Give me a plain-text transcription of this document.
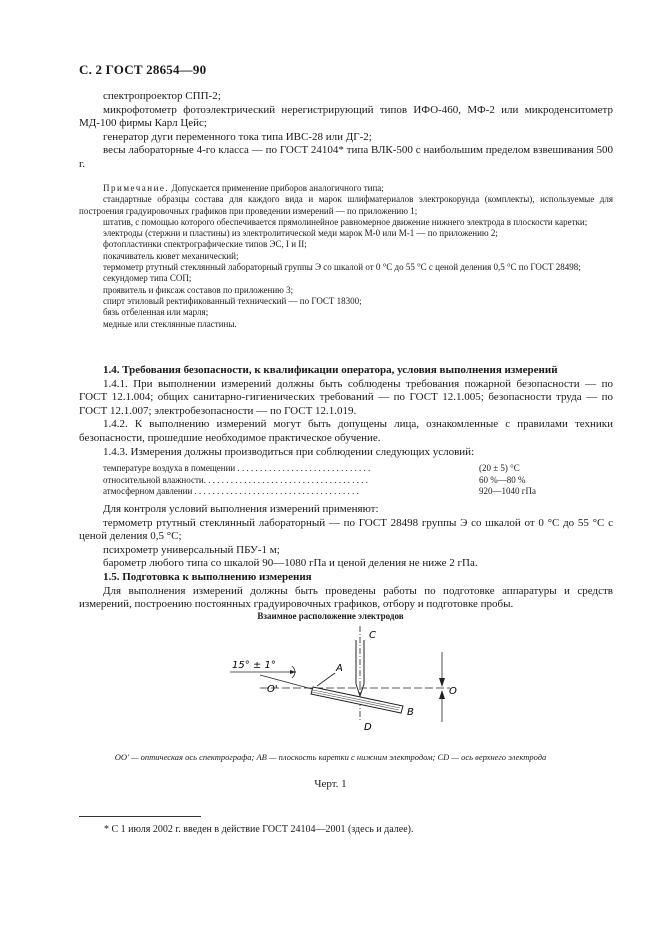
С. 2 ГОСТ 28654—90

спектропроектор СПП-2;

микрофотометр фотоэлектрический нерегистрирующий типов ИФО-460, МФ-2 или микроденситометр МД-100 фирмы Карл Цейс;

генератор дуги переменного тока типа ИВС-28 или ДГ-2;

весы лабораторные 4-го класса — по ГОСТ 24104* типа ВЛК-500 с наибольшим пределом взвешивания 500 г.

Примечание. Допускается применение приборов аналогичного типа;

стандартные образцы состава для каждого вида и марок шлифматериалов электрокорунда (комплекты), используемые для построения градуировочных графиков при проведении измерений — по приложению 1;

штатив, с помощью которого обеспечивается прямолинейное равномерное движение нижнего электрода в плоскости каретки;

электроды (стержни и пластины) из электролитической меди марок М-0 или М-1 — по приложению 2;

фотопластинки спектрографические типов ЭС, I и II;

покачиватель кювет механический;

термометр ртутный стеклянный лабораторный группы Э со шкалой от 0 °С до 55 °С с ценой деления 0,5 °С по ГОСТ 28498;

секундомер типа СОП;

проявитель и фиксаж составов по приложению 3;

спирт этиловый ректификованный технический — по ГОСТ 18300;

бязь отбеленная или марля;

медные или стеклянные пластины.

1.4. Требования безопасности, к квалификации оператора, условия выполнения измерений

1.4.1. При выполнении измерений должны быть соблюдены требования пожарной безопасности — по ГОСТ 12.1.004; общих санитарно-гигиенических требований — по ГОСТ 12.1.005; безопасности труда — по ГОСТ 12.1.007; электробезопасности — по ГОСТ 12.1.019.

1.4.2. К выполнению измерений могут быть допущены лица, ознакомленные с правилами техники безопасности, прошедшие необходимое практическое обучение.

1.4.3. Измерения должны производиться при соблюдении следующих условий:

температуре воздуха в помещении . . . . . . . . . . . . . . . . . . . . . . . . . . . . . .	(20 ± 5) °С
относительной влажности. . . . . . . . . . . . . . . . . . . . . . . . . . . . . . . . . . . . .	60 %—80 %
атмосферном давлении . . . . . . . . . . . . . . . . . . . . . . . . . . . . . . . . . . . . .	920—1040 гПа

Для контроля условий выполнения измерений применяют:

термометр ртутный стеклянный лабораторный — по ГОСТ 28498 группы Э со шкалой от 0 °С до 55 °С с ценой деления 0,5 °С;

психрометр универсальный ПБУ-1 м;

барометр любого типа со шкалой 90—1080 гПа и ценой деления не ниже 2 гПа.

1.5. Подготовка к выполнению измерения

Для выполнения измерений должны быть проведены работы по подготовке аппаратуры и средств измерений, построению постоянных градуировочных графиков, отбору и подготовке пробы.

Взаимное расположение электродов
C
D
A
B
O
O'
15° ± 1°
OO′ — оптическая ось спектрографа; AB — плоскость каретки с нижним электродом; CD — ось верхнего электрода
Черт. 1
* С 1 июля 2002 г. введен в действие ГОСТ 24104—2001 (здесь и далее).
